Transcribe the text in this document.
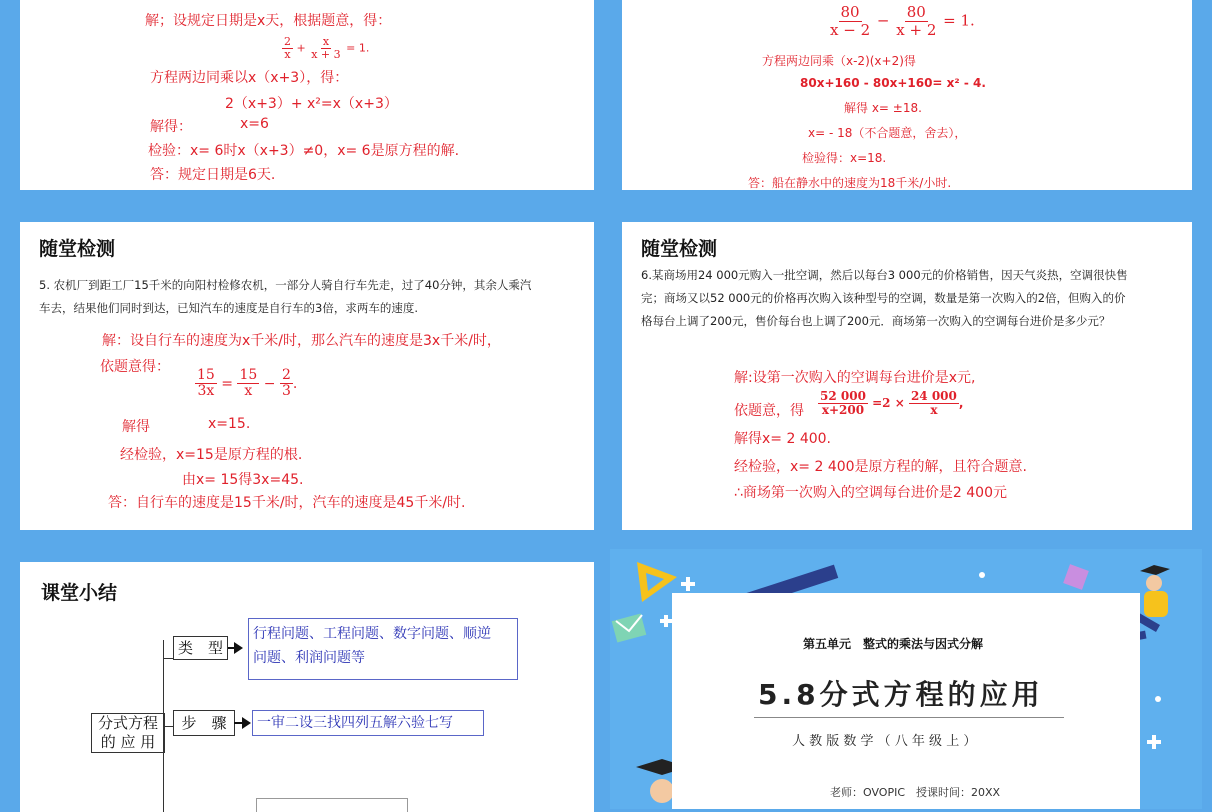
解；设规定日期是x天，根据题意，得：
$\frac{2}{x} + \frac{x}{x + 3} = 1$.
方程两边同乘以x（x+3），得：
2（x+3）+ x²=x（x+3）
解得：	x=6
检验：x= 6时x（x+3）≠0，x= 6是原方程的解.
答：规定日期是6天.
$\frac{80}{x - 2} - \frac{80}{x + 2} = 1$.
方程两边同乘（x-2)(x+2)得
80x+160 - 80x+160= x² - 4.
解得 x= ±18.
x= - 18（不合题意，舍去），
检验得：x=18.
答：船在静水中的速度为18千米/小时.
随堂检测
5. 农机厂到距工厂15千米的向阳村检修农机，一部分人骑自行车先走，过了40分钟，其余人乘汽
车去，结果他们同时到达，已知汽车的速度是自行车的3倍，求两车的速度.
解：设自行车的速度为x千米/时，那么汽车的速度是3x千米/时，
依题意得：
$\frac{15}{3x} = \frac{15}{x} - \frac{2}{3}$ .
解得	x=15.
经检验，x=15是原方程的根.
由x= 15得3x=45.
答：自行车的速度是15千米/时，汽车的速度是45千米/时.
随堂检测
6.某商场用24 000元购入一批空调，然后以每台3 000元的价格销售，因天气炎热，空调很快售
完；商场又以52 000元的价格再次购入该种型号的空调，数量是第一次购入的2倍，但购入的价
格每台上调了200元，售价每台也上调了200元．商场第一次购入的空调每台进价是多少元？
解:设第一次购入的空调每台进价是x元,
依题意，得 $\frac{52 000}{x+200} =2 \times \frac{24 000}{x}$ ,
解得x= 2 400.
经检验，x= 2 400是原方程的解，且符合题意.
∴商场第一次购入的空调每台进价是2 400元
课堂小结
分式方程
的 应 用
类　型
行程问题、工程问题、数字问题、顺逆
问题、利润问题等
步　骤	一审二设三找四列五解六验七写
第五单元　整式的乘法与因式分解
5.8分式方程的应用
人 教 版 数 学 （ 八 年 级 上 ）
老师：OVOPIC　授课时间：20XX
